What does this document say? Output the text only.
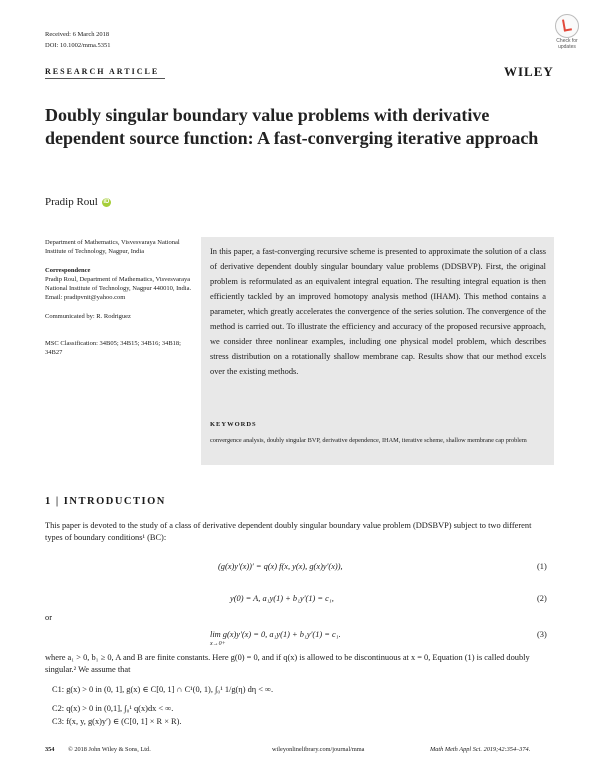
Received: 6 March 2018
DOI: 10.1002/mma.5351
Check for updates
RESEARCH ARTICLE	WILEY
Doubly singular boundary value problems with derivative dependent source function: A fast-converging iterative approach
Pradip Roul iD

Department of Mathematics, Visvesvaraya National Institute of Technology, Nagpur, India

Correspondence

Pradip Roul, Department of Mathematics, Visvesvaraya National Institute of Technology, Nagpur 440010, India.

Email: pradipvnit@yahoo.com

Communicated by: R. Rodriguez

MSC Classification: 34B05; 34B15; 34B16; 34B18; 34B27

In this paper, a fast-converging recursive scheme is presented to approximate the solution of a class of derivative dependent doubly singular boundary value problems (DDSBVP). First, the original problem is reformulated as an equivalent integral equation. The resulting integral equation is then efficiently tackled by an improved homotopy analysis method (IHAM). This method contains a parameter, which greatly accelerates the convergence of the series solution. The convergence of the method is carried out. To illustrate the efficiency and accuracy of the proposed recursive approach, we consider three nonlinear examples, including one physical model problem, which describes stress distribution on a rotationally shallow membrane cap. Results show that our method excels over the existing methods.
KEYWORDS
convergence analysis, doubly singular BVP, derivative dependence, IHAM, iterative scheme, shallow membrane cap problem
1 | INTRODUCTION
This paper is devoted to the study of a class of derivative dependent doubly singular boundary value problem (DDSBVP) subject to two different types of boundary conditions¹ (BC):
(g(x)y′(x))′ = q(x) f(x, y(x), g(x)y′(x)),	(1)
y(0) = A, a₁y(1) + b₁y′(1) = c₁,	(2)
or
lim g(x)y′(x) = 0, a₁y(1) + b₁y′(1) = c₁.
x→0+
(3)
where a₁ > 0, b₁ ≥ 0, A and B are finite constants. Here g(0) = 0, and if q(x) is allowed to be discontinuous at x = 0, Equation (1) is called doubly singular.² We assume that
C1: g(x) > 0 in (0, 1], g(x) ∈ C[0, 1] ∩ C¹(0, 1), ∫₀¹ 1/g(η) dη < ∞.
C2: q(x) > 0 in (0,1], ∫₀¹ q(x)dx < ∞.
C3: f(x, y, g(x)y′) ∈ (C[0, 1] × R × R).
354 © 2018 John Wiley & Sons, Ltd.	wileyonlinelibrary.com/journal/mma	Math Meth Appl Sci. 2019;42:354–374.
